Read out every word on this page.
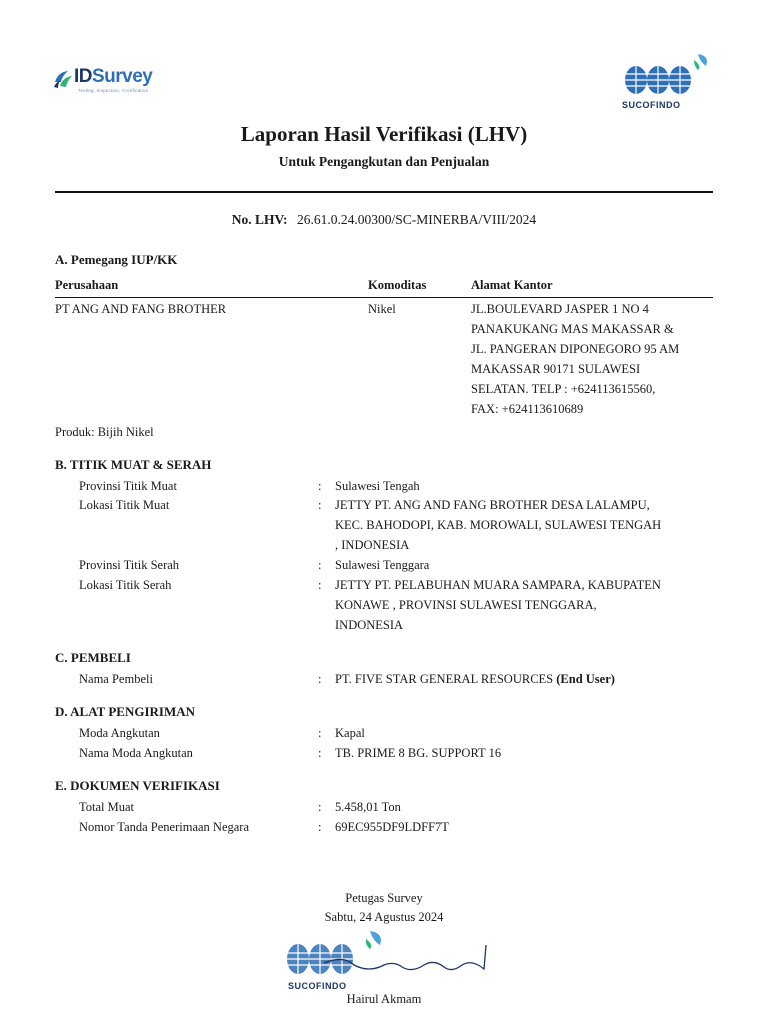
IDSurvey
Testing, Inspection, Certification
SUCOFINDO
Laporan Hasil Verifikasi (LHV)
Untuk Pengangkutan dan Penjualan
No. LHV: 26.61.0.24.00300/SC-MINERBA/VIII/2024
A. Pemegang IUP/KK
Perusahaan	Komoditas	Alamat Kantor
PT ANG AND FANG BROTHER	Nikel	JL.BOULEVARD JASPER 1 NO 4
PANAKUKANG MAS MAKASSAR &
JL. PANGERAN DIPONEGORO 95 AM
MAKASSAR 90171 SULAWESI
SELATAN. TELP : +624113615560,
FAX: +624113610689
Produk: Bijih Nikel
B. TITIK MUAT & SERAH
Provinsi Titik Muat	: Sulawesi Tengah
Lokasi Titik Muat	: JETTY PT. ANG AND FANG BROTHER DESA LALAMPU,
KEC. BAHODOPI, KAB. MOROWALI, SULAWESI TENGAH
, INDONESIA
Provinsi Titik Serah	: Sulawesi Tenggara
Lokasi Titik Serah	: JETTY PT. PELABUHAN MUARA SAMPARA, KABUPATEN
KONAWE , PROVINSI SULAWESI TENGGARA,
INDONESIA
C. PEMBELI
Nama Pembeli	: PT. FIVE STAR GENERAL RESOURCES (End User)
D. ALAT PENGIRIMAN
Moda Angkutan	: Kapal
Nama Moda Angkutan	: TB. PRIME 8 BG. SUPPORT 16
E. DOKUMEN VERIFIKASI
Total Muat	: 5.458,01 Ton
Nomor Tanda Penerimaan Negara	: 69EC955DF9LDFF7T
Petugas Survey
Sabtu, 24 Agustus 2024
SUCOFINDO
Hairul Akmam
